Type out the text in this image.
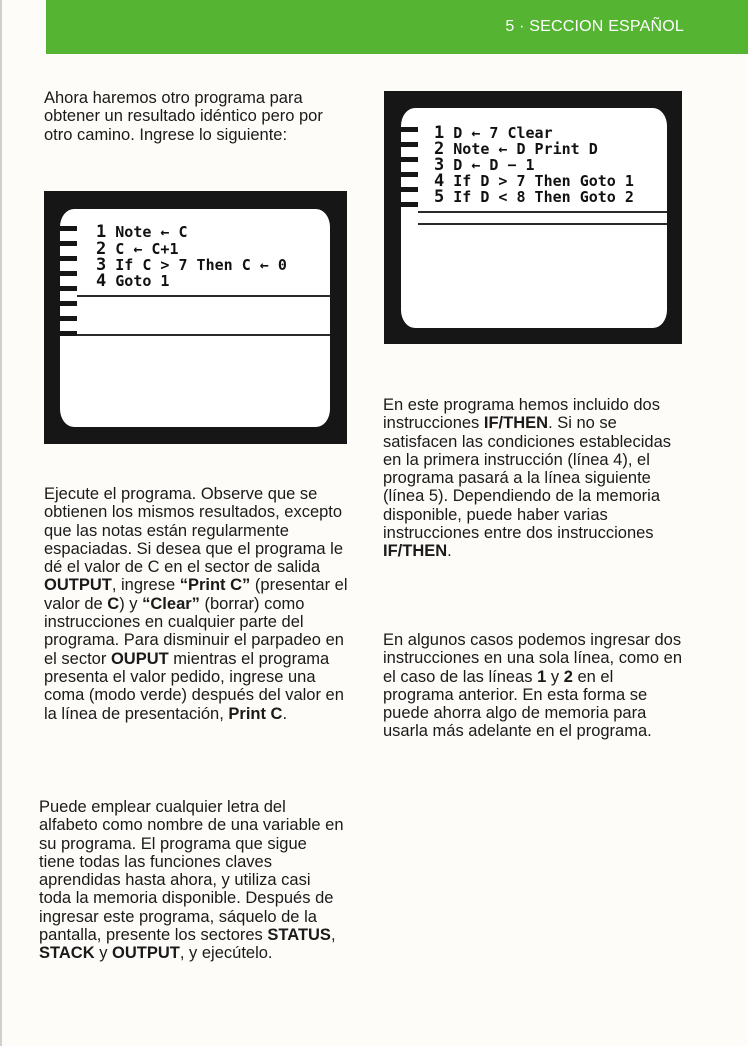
5 · SECCION ESPAÑOL

Ahora haremos otro programa para obtener un resultado idéntico pero por otro camino. Ingrese lo siguiente:

1 Note ← C

2 C ← C+1

3 If C > 7 Then C ← 0

4 Goto 1

Ejecute el programa. Observe que se obtienen los mismos resultados, excepto que las notas están regularmente espaciadas. Si desea que el programa le dé el valor de C en el sector de salida OUTPUT, ingrese “Print C” (presentar el valor de C) y “Clear” (borrar) como instrucciones en cualquier parte del programa. Para disminuir el parpadeo en el sector OUPUT mientras el programa presenta el valor pedido, ingrese una coma (modo verde) después del valor en la línea de presentación, Print C.

Puede emplear cualquier letra del alfabeto como nombre de una variable en su programa. El programa que sigue tiene todas las funciones claves aprendidas hasta ahora, y utiliza casi toda la memoria disponible. Después de ingresar este programa, sáquelo de la pantalla, presente los sectores STATUS, STACK y OUTPUT, y ejecútelo.

1 D ← 7 Clear

2 Note ← D Print D

3 D ← D − 1

4 If D > 7 Then Goto 1

5 If D < 8 Then Goto 2

En este programa hemos incluido dos instrucciones IF/THEN. Si no se satisfacen las condiciones establecidas en la primera instrucción (línea 4), el programa pasará a la línea siguiente (línea 5). Dependiendo de la memoria disponible, puede haber varias instrucciones entre dos instrucciones IF/THEN.

En algunos casos podemos ingresar dos instrucciones en una sola línea, como en el caso de las líneas 1 y 2 en el programa anterior. En esta forma se puede ahorra algo de memoria para usarla más adelante en el programa.
